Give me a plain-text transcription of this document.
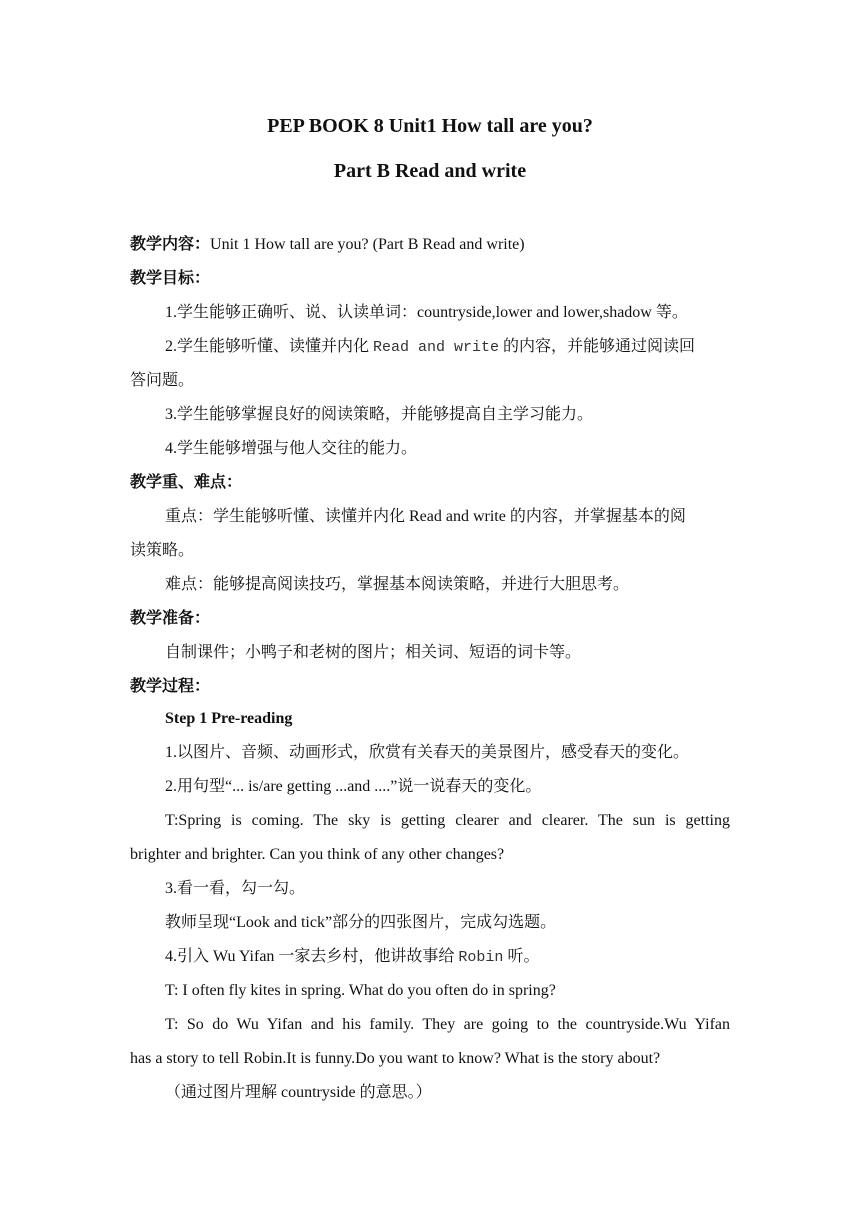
PEP BOOK 8 Unit1 How tall are you?
Part B Read and write
教学内容：Unit 1 How tall are you? (Part B Read and write)
教学目标：
1.学生能够正确听、说、认读单词：countryside,lower and lower,shadow 等。
2.学生能够听懂、读懂并内化 Read and write 的内容，并能够通过阅读回
答问题。
3.学生能够掌握良好的阅读策略，并能够提高自主学习能力。
4.学生能够增强与他人交往的能力。
教学重、难点：
重点：学生能够听懂、读懂并内化 Read and write 的内容，并掌握基本的阅
读策略。
难点：能够提高阅读技巧，掌握基本阅读策略，并进行大胆思考。
教学准备：
自制课件；小鸭子和老树的图片；相关词、短语的词卡等。
教学过程：
Step 1 Pre-reading
1.以图片、音频、动画形式，欣赏有关春天的美景图片，感受春天的变化。
2.用句型“... is/are getting ...and ....”说一说春天的变化。
T:Spring is coming. The sky is getting clearer and clearer. The sun is getting
brighter and brighter. Can you think of any other changes?
3.看一看，勾一勾。
教师呈现“Look and tick”部分的四张图片，完成勾选题。
4.引入 Wu Yifan 一家去乡村，他讲故事给 Robin 听。
T: I often fly kites in spring. What do you often do in spring?
T: So do Wu Yifan and his family. They are going to the countryside.Wu Yifan
has a story to tell Robin.It is funny.Do you want to know? What is the story about?
（通过图片理解 countryside 的意思。）
